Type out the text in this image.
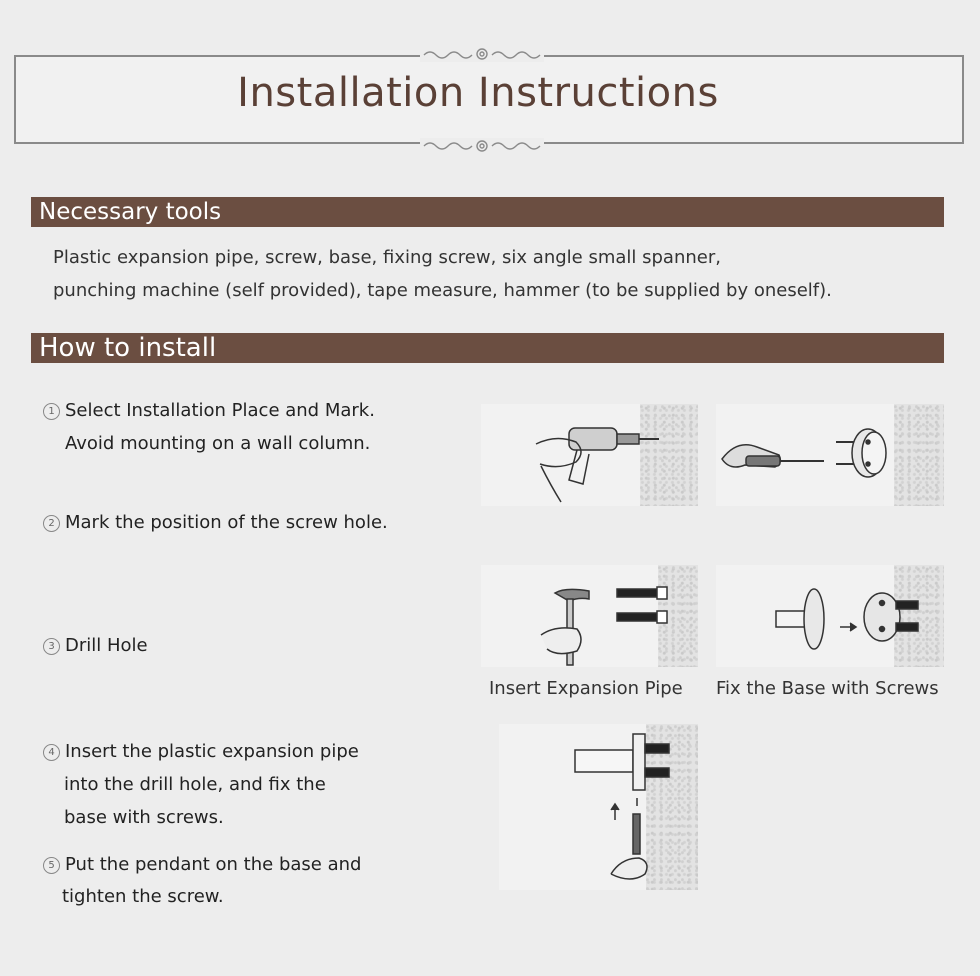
Installation Instructions
Necessary tools
Plastic expansion pipe, screw, base, fixing screw, six angle small spanner,
punching machine (self provided), tape measure, hammer (to be supplied by oneself).
How to install
1 Select Installation Place and Mark.
Avoid mounting on a wall column.
2 Mark the position of the screw hole.
3 Drill Hole
4 Insert the plastic expansion pipe
into the drill hole, and fix the
base with screws.
5 Put the pendant on the base and
tighten the screw.
Insert Expansion Pipe Fix the Base with Screws
